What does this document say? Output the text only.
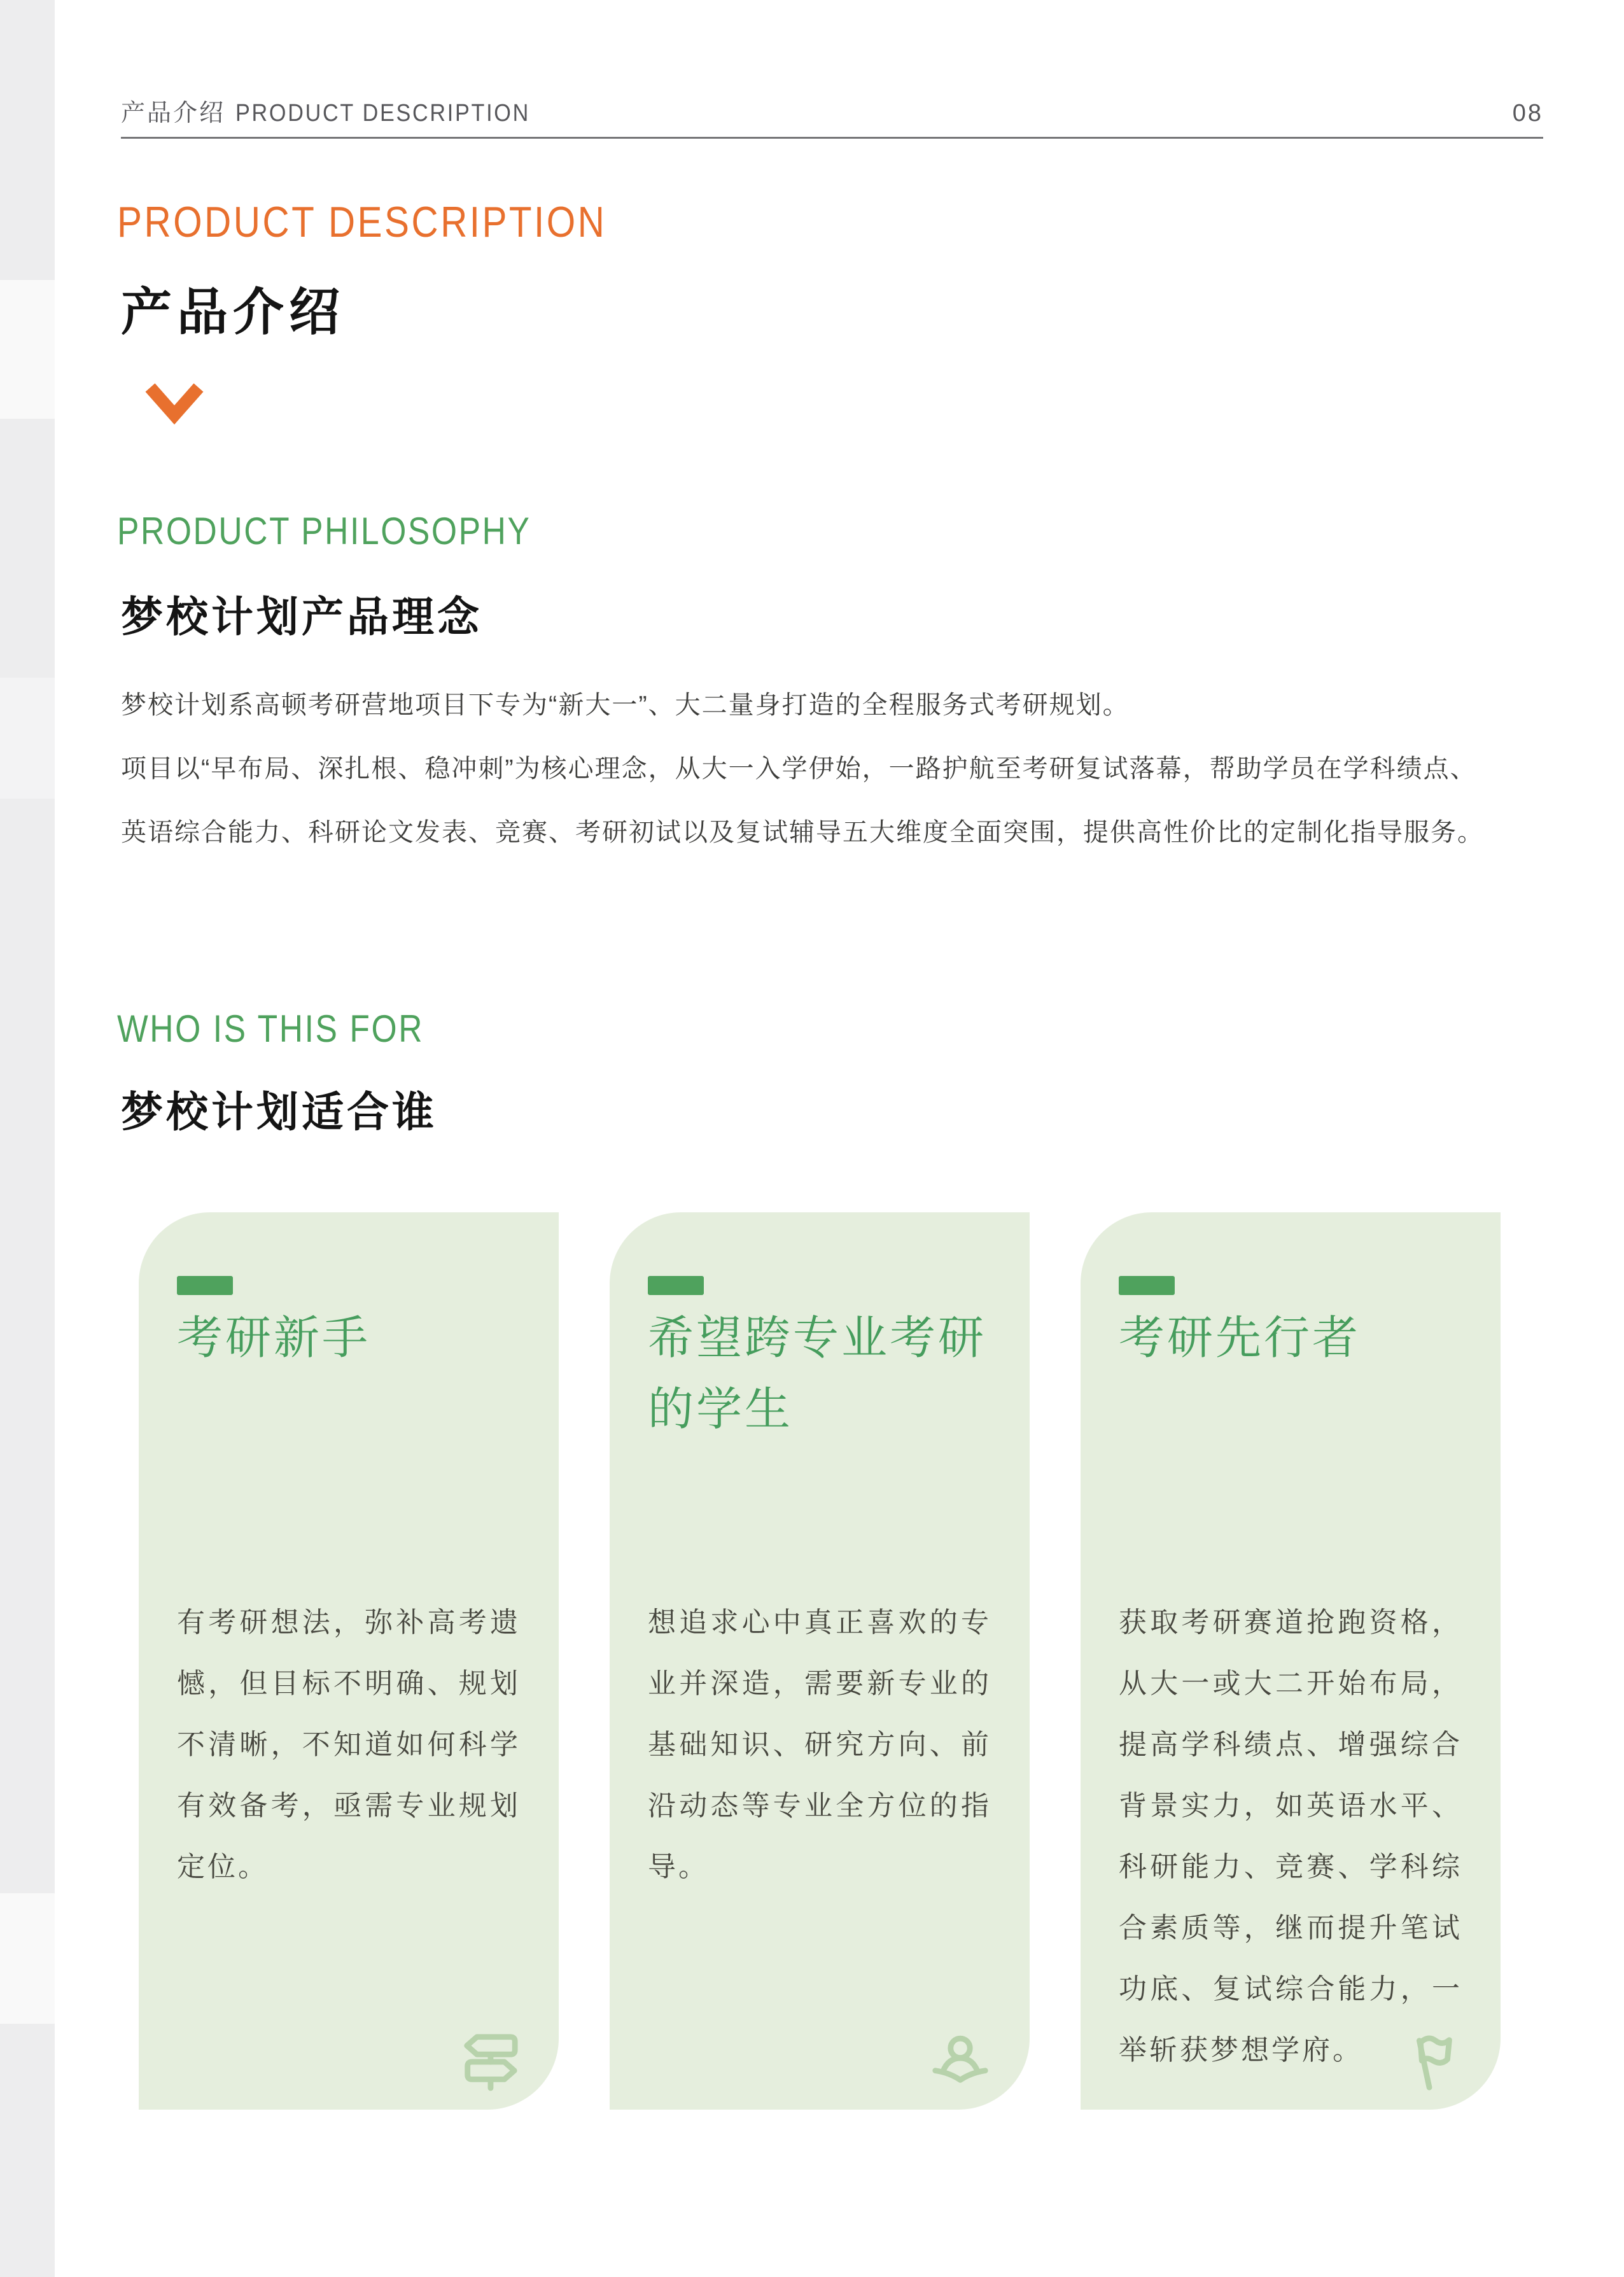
产品介绍 PRODUCT DESCRIPTION	08
PRODUCT DESCRIPTION
产品介绍
PRODUCT PHILOSOPHY
梦校计划产品理念
梦校计划系高顿考研营地项目下专为“新大一”、大二量身打造的全程服务式考研规划。
项目以“早布局、深扎根、稳冲刺”为核心理念，从大一入学伊始，一路护航至考研复试落幕，帮助学员在学科绩点、
英语综合能力、科研论文发表、竞赛、考研初试以及复试辅导五大维度全面突围，提供高性价比的定制化指导服务。
WHO IS THIS FOR
梦校计划适合谁
考研新手
有考研想法，弥补高考遗憾，但目标不明确、规划不清晰，不知道如何科学有效备考，亟需专业规划定位。
希望跨专业考研的学生
想追求心中真正喜欢的专业并深造，需要新专业的基础知识、研究方向、前沿动态等专业全方位的指导。
考研先行者
获取考研赛道抢跑资格，从大一或大二开始布局，提高学科绩点、增强综合背景实力，如英语水平、科研能力、竞赛、学科综合素质等，继而提升笔试功底、复试综合能力，一举斩获梦想学府。
